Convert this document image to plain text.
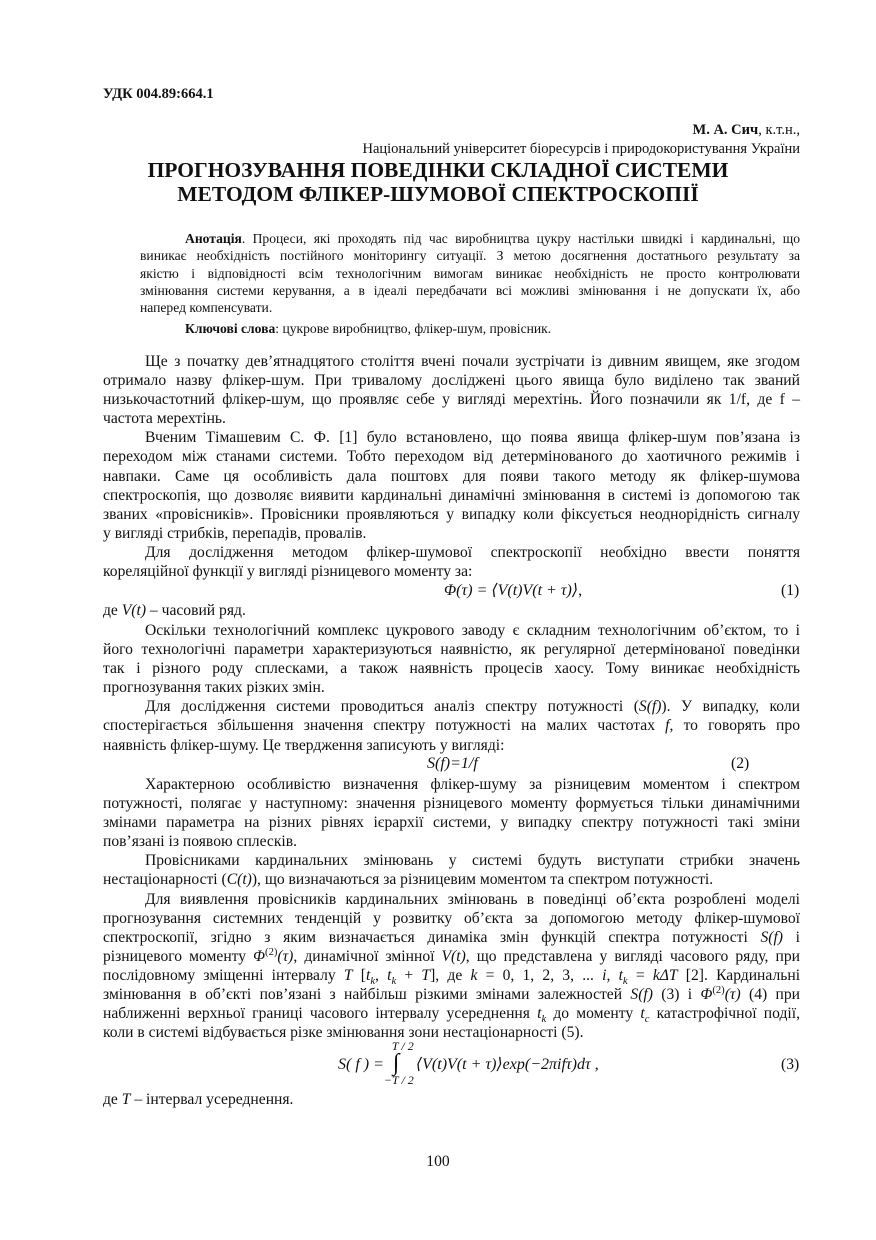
УДК 004.89:664.1
М. А. Сич, к.т.н.,
Національний університет біоресурсів і природокористування України
ПРОГНОЗУВАННЯ ПОВЕДІНКИ СКЛАДНОЇ СИСТЕМИ
МЕТОДОМ ФЛІКЕР-ШУМОВОЇ СПЕКТРОСКОПІЇ
Анотація. Процеси, які проходять під час виробництва цукру настільки швидкі і кардинальні, що
виникає необхідність постійного моніторингу ситуації. З метою досягнення достатнього результату за
якістю і відповідності всім технологічним вимогам виникає необхідність не просто контролювати
змінювання системи керування, а в ідеалі передбачати всі можливі змінювання і не допускати їх, або
наперед компенсувати.
Ключові слова: цукрове виробництво, флікер-шум, провісник.
Ще з початку дев’ятнадцятого століття вчені почали зустрічати із дивним явищем, яке згодом
отримало назву флікер-шум. При тривалому досліджені цього явища було виділено так званий
низькочастотний флікер-шум, що проявляє себе у вигляді мерехтінь. Його позначили як 1/f, де f –
частота мерехтінь.
Вченим Тімашевим С. Ф. [1] було встановлено, що поява явища флікер-шум пов’язана із
переходом між станами системи. Тобто переходом від детермінованого до хаотичного режимів і
навпаки. Саме ця особливість дала поштовх для появи такого методу як флікер-шумова
спектроскопія, що дозволяє виявити кардинальні динамічні змінювання в системі із допомогою так
званих «провісників». Провісники проявляються у випадку коли фіксується неоднорідність сигналу
у вигляді стрибків, перепадів, провалів.
Для дослідження методом флікер-шумової спектроскопії необхідно ввести поняття
кореляційної функції у вигляді різницевого моменту за:
Φ(τ) = ⟨V(t)V(t + τ)⟩,	(1)
де V(t) – часовий ряд.
Оскільки технологічний комплекс цукрового заводу є складним технологічним об’єктом, то і
його технологічні параметри характеризуються наявністю, як регулярної детермінованої поведінки
так і різного роду сплесками, а також наявність процесів хаосу. Тому виникає необхідність
прогнозування таких різких змін.
Для дослідження системи проводиться аналіз спектру потужності (S(f)). У випадку, коли
спостерігається збільшення значення спектру потужності на малих частотах f, то говорять про
наявність флікер-шуму. Це твердження записують у вигляді:
S(f)=1/f	(2)
Характерною особливістю визначення флікер-шуму за різницевим моментом і спектром
потужності, полягає у наступному: значення різницевого моменту формується тільки динамічними
змінами параметра на різних рівнях ієрархії системи, у випадку спектру потужності такі зміни
пов’язані із появою сплесків.
Провісниками кардинальних змінювань у системі будуть виступати стрибки значень
нестаціонарності (C(t)), що визначаються за різницевим моментом та спектром потужності.
Для виявлення провісників кардинальних змінювань в поведінці об’єкта розроблені моделі
прогнозування системних тенденцій у розвитку об’єкта за допомогою методу флікер-шумової
спектроскопії, згідно з яким визначається динаміка змін функцій спектра потужності S(f) і
різницевого моменту $\Phi^{(2)}(\tau)$, динамічної змінної V(t), що представлена у вигляді часового ряду, при
послідовному зміщенні інтервалу T [$t_k$, $t_k + T$], де k = 0, 1, 2, 3, ... i, $t_k = k\Delta T$ [2]. Кардинальні
змінювання в об’єкті пов’язані з найбільш різкими змінами залежностей S(f) (3) і $\Phi^{(2)}(\tau)$ (4) при
наближенні верхньої границі часового інтервалу усереднення $t_k$ до моменту $t_c$ катастрофічної події,
коли в системі відбувається різке змінювання зони нестаціонарності (5).
S( f ) =
T / 2
∫
−T / 2
⟨V(t)V(t + τ)⟩exp(−2πifτ)dτ ,	(3)
де T – інтервал усереднення.
100
